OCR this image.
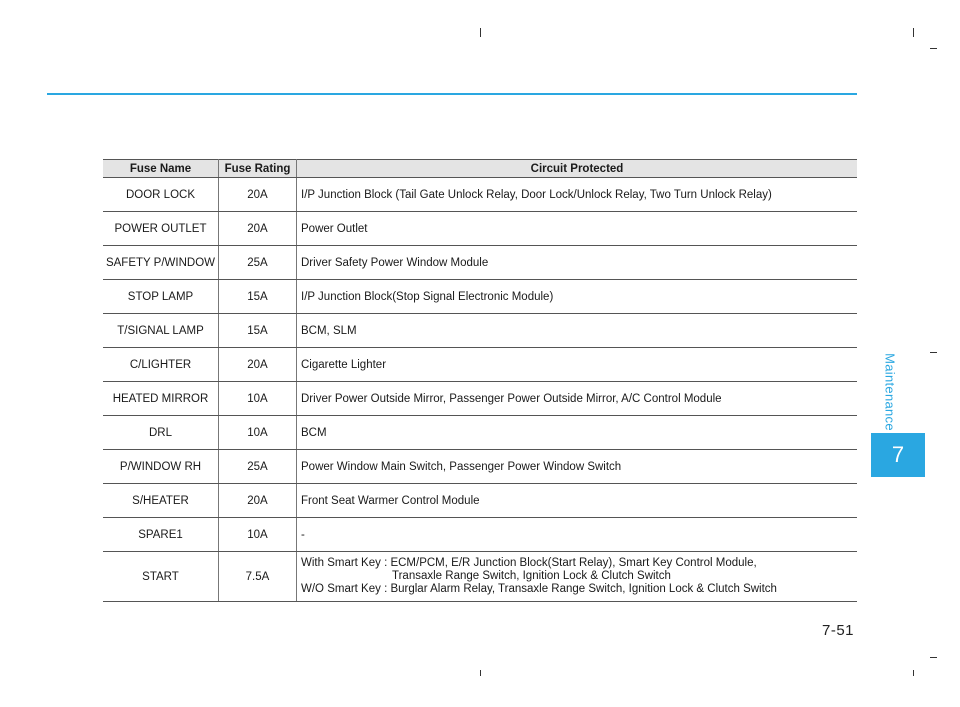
Fuse Name	Fuse Rating	Circuit Protected
DOOR LOCK	20A	I/P Junction Block (Tail Gate Unlock Relay, Door Lock/Unlock Relay, Two Turn Unlock Relay)
POWER OUTLET	20A	Power Outlet
SAFETY P/WINDOW	25A	Driver Safety Power Window Module
STOP LAMP	15A	I/P Junction Block(Stop Signal Electronic Module)
T/SIGNAL LAMP	15A	BCM, SLM
C/LIGHTER	20A	Cigarette Lighter
HEATED MIRROR	10A	Driver Power Outside Mirror, Passenger Power Outside Mirror, A/C Control Module
DRL	10A	BCM
P/WINDOW RH	25A	Power Window Main Switch, Passenger Power Window Switch
S/HEATER	20A	Front Seat Warmer Control Module
SPARE1	10A	-
START	7.5A	With Smart Key : ECM/PCM, E/R Junction Block(Start Relay), Smart Key Control Module,
Transaxle Range Switch, Ignition Lock & Clutch Switch
W/O Smart Key : Burglar Alarm Relay, Transaxle Range Switch, Ignition Lock & Clutch Switch
Maintenance
7
7-51
